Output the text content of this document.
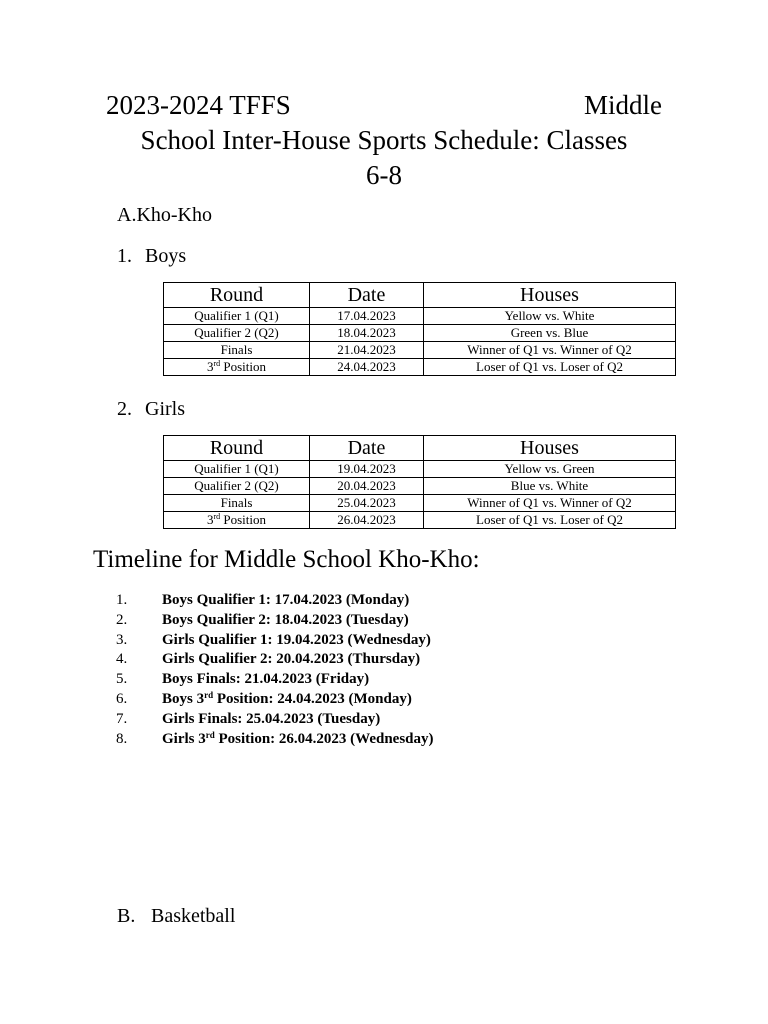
2023-2024 TFFS	Middle
School Inter-House Sports Schedule: Classes
6-8
A.Kho-Kho
1. Boys
Round	Date	Houses
Qualifier 1 (Q1)	17.04.2023	Yellow vs. White
Qualifier 2 (Q2)	18.04.2023	Green vs. Blue
Finals	21.04.2023	Winner of Q1 vs. Winner of Q2
3rd Position	24.04.2023	Loser of Q1 vs. Loser of Q2
2. Girls
Round	Date	Houses
Qualifier 1 (Q1)	19.04.2023	Yellow vs. Green
Qualifier 2 (Q2)	20.04.2023	Blue vs. White
Finals	25.04.2023	Winner of Q1 vs. Winner of Q2
3rd Position	26.04.2023	Loser of Q1 vs. Loser of Q2
Timeline for Middle School Kho-Kho:
1. Boys Qualifier 1: 17.04.2023 (Monday)
2. Boys Qualifier 2: 18.04.2023 (Tuesday)
3. Girls Qualifier 1: 19.04.2023 (Wednesday)
4. Girls Qualifier 2: 20.04.2023 (Thursday)
5. Boys Finals: 21.04.2023 (Friday)
6. Boys 3rd Position: 24.04.2023 (Monday)
7. Girls Finals: 25.04.2023 (Tuesday)
8. Girls 3rd Position: 26.04.2023 (Wednesday)
B. Basketball
